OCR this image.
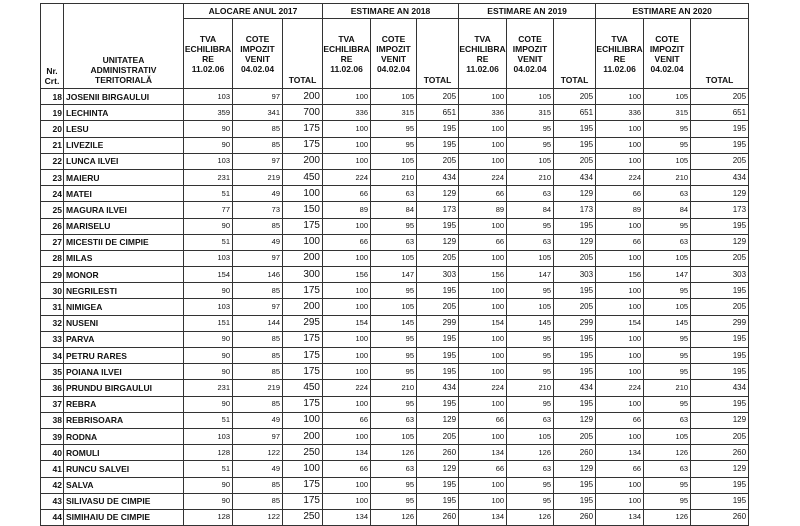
Nr.
Crt.	UNITATEA
ADMINISTRATIV
TERITORIALĂ	ALOCARE ANUL 2017			ESTIMARE AN 2018			ESTIMARE AN 2019			ESTIMARE AN 2020		

		TVA
ECHILIBRA
RE
11.02.06	COTE
IMPOZIT
VENIT
04.02.04	TOTAL	TVA
ECHILIBRA
RE
11.02.06	COTE
IMPOZIT
VENIT
04.02.04	TOTAL	TVA
ECHILIBRA
RE
11.02.06	COTE
IMPOZIT
VENIT
04.02.04	TOTAL	TVA
ECHILIBRA
RE
11.02.06	COTE
IMPOZIT
VENIT
04.02.04	TOTAL
18	JOSENII BIRGAULUI	103	97	200	100	105	205	100	105	205	100	105	205
19	LECHINTA	359	341	700	336	315	651	336	315	651	336	315	651
20	LESU	90	85	175	100	95	195	100	95	195	100	95	195
21	LIVEZILE	90	85	175	100	95	195	100	95	195	100	95	195
22	LUNCA ILVEI	103	97	200	100	105	205	100	105	205	100	105	205
23	MAIERU	231	219	450	224	210	434	224	210	434	224	210	434
24	MATEI	51	49	100	66	63	129	66	63	129	66	63	129
25	MAGURA ILVEI	77	73	150	89	84	173	89	84	173	89	84	173
26	MARISELU	90	85	175	100	95	195	100	95	195	100	95	195
27	MICESTII DE CIMPIE	51	49	100	66	63	129	66	63	129	66	63	129
28	MILAS	103	97	200	100	105	205	100	105	205	100	105	205
29	MONOR	154	146	300	156	147	303	156	147	303	156	147	303
30	NEGRILESTI	90	85	175	100	95	195	100	95	195	100	95	195
31	NIMIGEA	103	97	200	100	105	205	100	105	205	100	105	205
32	NUSENI	151	144	295	154	145	299	154	145	299	154	145	299
33	PARVA	90	85	175	100	95	195	100	95	195	100	95	195
34	PETRU RARES	90	85	175	100	95	195	100	95	195	100	95	195
35	POIANA ILVEI	90	85	175	100	95	195	100	95	195	100	95	195
36	PRUNDU BIRGAULUI	231	219	450	224	210	434	224	210	434	224	210	434
37	REBRA	90	85	175	100	95	195	100	95	195	100	95	195
38	REBRISOARA	51	49	100	66	63	129	66	63	129	66	63	129
39	RODNA	103	97	200	100	105	205	100	105	205	100	105	205
40	ROMULI	128	122	250	134	126	260	134	126	260	134	126	260
41	RUNCU SALVEI	51	49	100	66	63	129	66	63	129	66	63	129
42	SALVA	90	85	175	100	95	195	100	95	195	100	95	195
43	SILIVASU DE CIMPIE	90	85	175	100	95	195	100	95	195	100	95	195
44	SIMIHAIU DE CIMPIE	128	122	250	134	126	260	134	126	260	134	126	260
